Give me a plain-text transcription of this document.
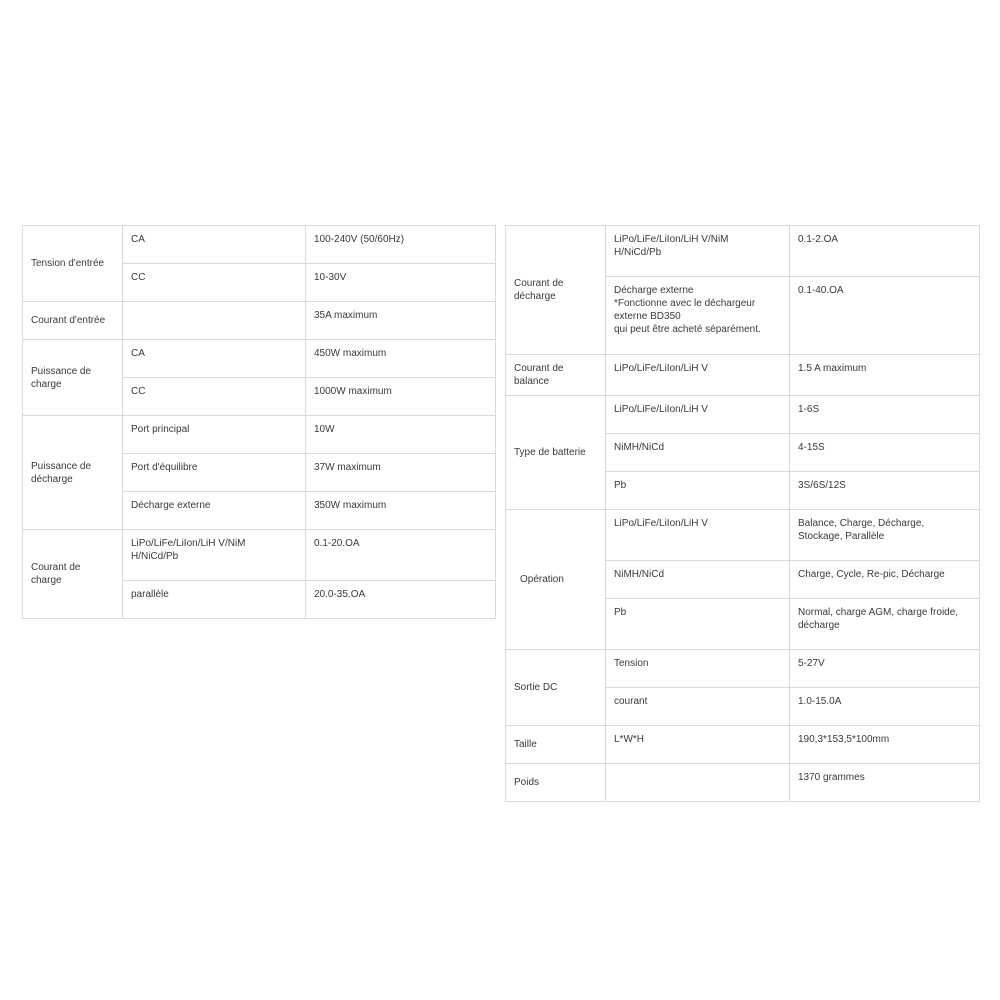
Tension d'entrée	CA	100-240V (50/60Hz)
	CC	10-30V
Courant d'entrée		35A maximum
Puissance de
charge	CA	450W maximum
	CC	1000W maximum
Puissance de
décharge	Port principal	10W
	Port d'équilibre	37W maximum
	Décharge externe	350W maximum
Courant de
charge	LiPo/LiFe/LiIon/LiH V/NiM
H/NiCd/Pb	0.1-20.OA
	parallèle	20.0-35.OA
Courant de
décharge	LiPo/LiFe/LiIon/LiH V/NiM
H/NiCd/Pb	0.1-2.OA
	Décharge externe
*Fonctionne avec le déchargeur
externe BD350
qui peut être acheté séparément.	0.1-40.OA
Courant de
balance	LiPo/LiFe/LiIon/LiH V	1.5 A maximum
Type de batterie	LiPo/LiFe/LiIon/LiH V	1-6S
	NiMH/NiCd	4-15S
	Pb	3S/6S/12S
Opération	LiPo/LiFe/LiIon/LiH V	Balance, Charge, Décharge,
Stockage, Parallèle
	NiMH/NiCd	Charge, Cycle, Re-pic, Décharge
	Pb	Normal, charge AGM, charge froide,
décharge
Sortie DC	Tension	5-27V
	courant	1.0-15.0A
Taille	L*W*H	190,3*153,5*100mm
Poids		1370 grammes
